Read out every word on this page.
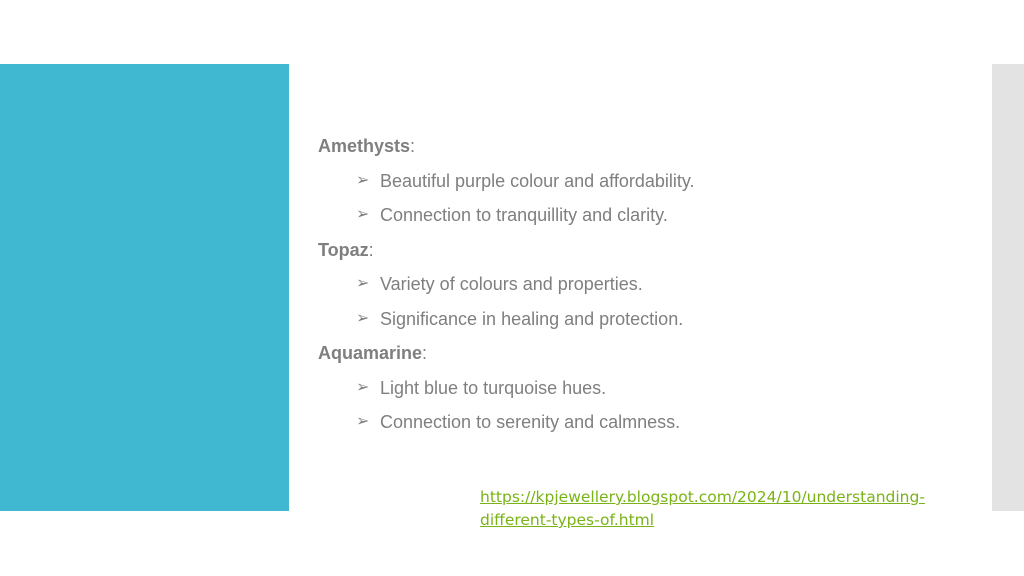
Amethysts:
➢ Beautiful purple colour and affordability.
➢ Connection to tranquillity and clarity.
Topaz:
➢ Variety of colours and properties.
➢ Significance in healing and protection.
Aquamarine:
➢ Light blue to turquoise hues.
➢ Connection to serenity and calmness.
https://kpjewellery.blogspot.com/2024/10/understanding-
different-types-of.html
